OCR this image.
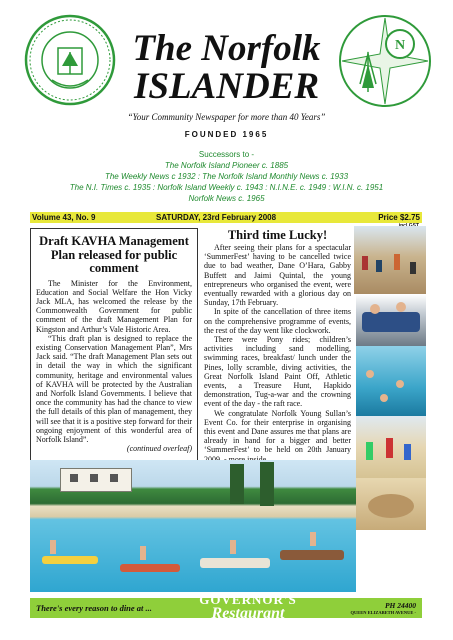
N
The Norfolk
ISLANDER
“Your Community Newspaper for more than 40 Years”
FOUNDED 1965
Successors to -
The Norfolk Island Pioneer c. 1885
The Weekly News c 1932 : The Norfolk Island Monthly News c. 1933
The N.I. Times c. 1935 : Norfolk Island Weekly c. 1943 : N.I.N.E. c. 1949 : W.I.N. c. 1951
Norfolk News c. 1965
Volume 43, No. 9	SATURDAY, 23rd February 2008	Price $2.75
Draft KAVHA Management Plan released for public comment
The Minister for the Environment, Education and Social Welfare the Hon Vicky Jack MLA, has welcomed the release by the Commonwealth Government for public comment of the draft Management Plan for Kingston and Arthur’s Vale Historic Area.
“This draft plan is designed to replace the existing Conservation Management Plan”, Mrs Jack said. “The draft Management Plan sets out in detail the way in which the significant community, heritage and environmental values of KAVHA will be protected by the Australian and Norfolk Island Governments. I believe that once the community has had the chance to view the full details of this plan of management, they will see that it is a positive step forward for their ongoing enjoyment of this wonderful area of Norfolk Island”.
(continued overleaf)
Third time Lucky!
After seeing their plans for a spectacular ‘SummerFest’ having to be cancelled twice due to bad weather, Dane O’Hara, Gabby Buffett and Jaimi Quintal, the young entrepreneurs who organised the event, were eventually rewarded with a glorious day on Sunday, 17th February.
In spite of the cancellation of three items on the comprehensive programme of events, the rest of the day went like clockwork.
There were Pony rides; children’s activities including sand modelling, swimming races, breakfast/ lunch under the Pines, lolly scramble, diving activities, the Great Norfolk Island Paint Off, Athletic events, a Treasure Hunt, Hapkido demonstration, Tug-a-war and the crowning event of the day - the raft race.
We congratulate Norfolk Young Sullan’s Event Co. for their enterprise in organising this event and Dane assures me that plans are already in hand for a bigger and better ‘SummerFest’ to be held on 20th January
There's every reason to dine at ...
GOVERNOR'S
Restaurant	PH 24400
QUEEN ELIZABETH AVENUE -
